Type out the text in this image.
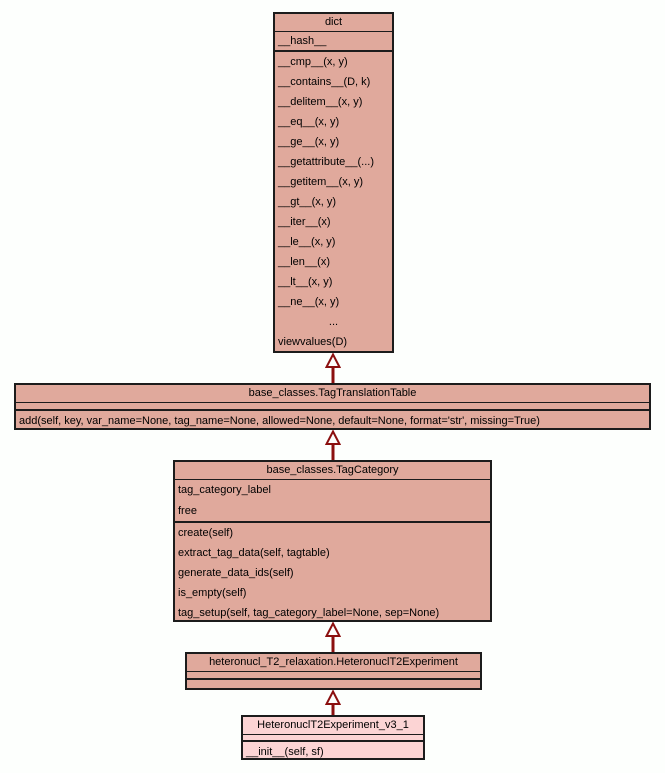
dict
__hash__
__cmp__(x, y)
__contains__(D, k)
__delitem__(x, y)
__eq__(x, y)
__ge__(x, y)
__getattribute__(...)
__getitem__(x, y)
__gt__(x, y)
__iter__(x)
__le__(x, y)
__len__(x)
__lt__(x, y)
__ne__(x, y)
...
viewvalues(D)
base_classes.TagTranslationTable
add(self, key, var_name=None, tag_name=None, allowed=None, default=None, format='str', missing=True)
base_classes.TagCategory
tag_category_label
free
create(self)
extract_tag_data(self, tagtable)
generate_data_ids(self)
is_empty(self)
tag_setup(self, tag_category_label=None, sep=None)
heteronucl_T2_relaxation.HeteronuclT2Experiment
HeteronuclT2Experiment_v3_1
__init__(self, sf)
